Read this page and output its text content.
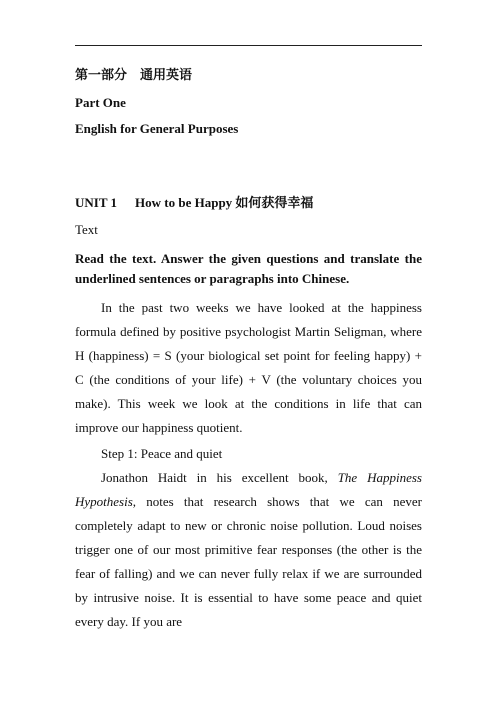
第一部分　通用英语
Part One
English for General Purposes
UNIT 1 How to be Happy 如何获得幸福
Text
Read the text. Answer the given questions and translate the underlined sentences or paragraphs into Chinese.
In the past two weeks we have looked at the happiness formula defined by positive psychologist Martin Seligman, where H (happiness) = S (your biological set point for feeling happy) + C (the conditions of your life) + V (the voluntary choices you make). This week we look at the conditions in life that can improve our happiness quotient.
Step 1: Peace and quiet
Jonathon Haidt in his excellent book, The Happiness Hypothesis, notes that research shows that we can never completely adapt to new or chronic noise pollution. Loud noises trigger one of our most primitive fear responses (the other is the fear of falling) and we can never fully relax if we are surrounded by intrusive noise. It is essential to have some peace and quiet every day. If you are
